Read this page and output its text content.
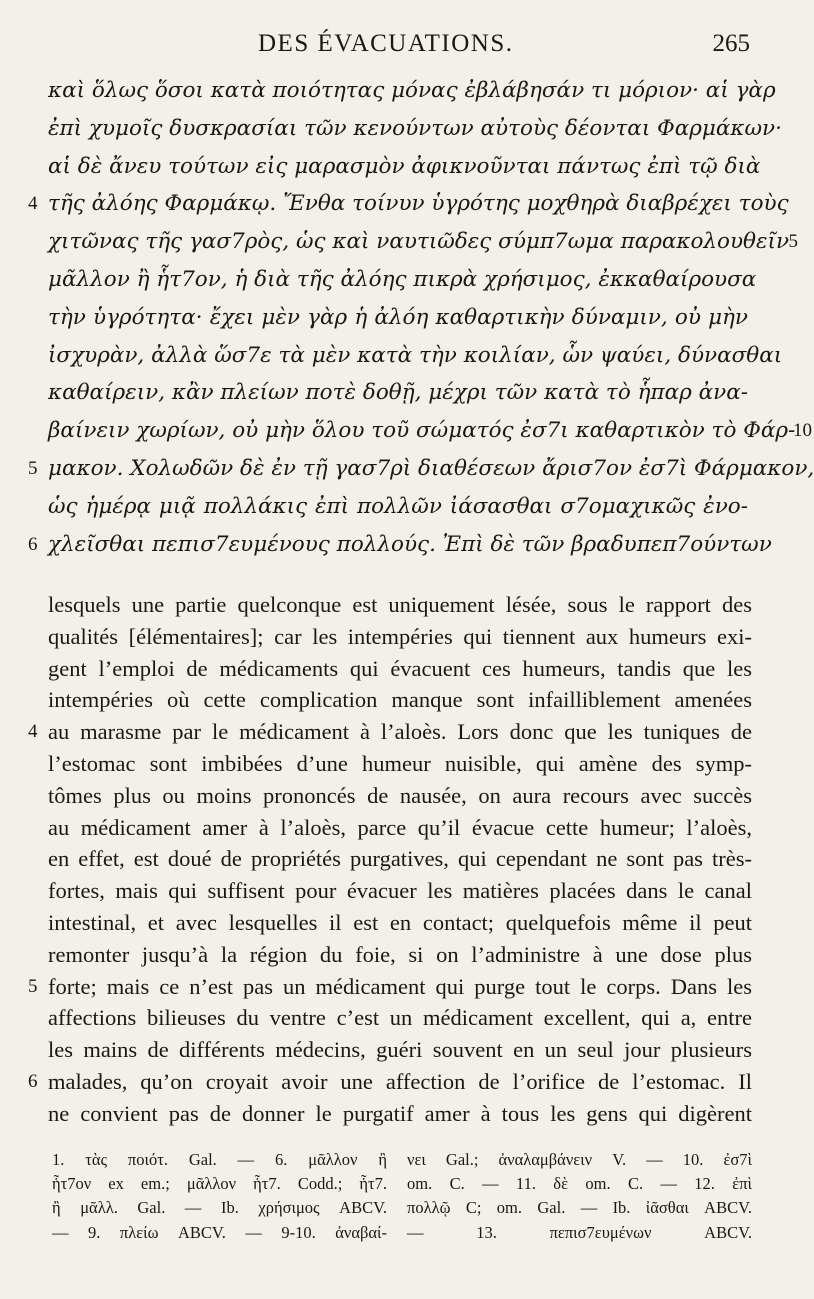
DES ÉVACUATIONS.	265
καὶ ὅλως ὅσοι κατὰ ποιότητας μόνας ἐβλάβησάν τι μόριον· αἱ γὰρ
ἐπὶ χυμοῖς δυσκρασίαι τῶν κενούντων αὐτοὺς δέονται Φαρμάκων·
αἱ δὲ ἄνευ τούτων εἰς μαρασμὸν ἀφικνοῦνται πάντως ἐπὶ τῷ διὰ
τῆς ἀλόης Φαρμάκῳ. Ἔνθα τοίνυν ὑγρότης μοχθηρὰ διαβρέχει τοὺς
4
χιτῶνας τῆς γασ7ρὸς, ὡς καὶ ναυτιῶδες σύμπ7ωμα παρακολουθεῖν 5
μᾶλλον ἢ ἧτ7ον, ἡ διὰ τῆς ἀλόης πικρὰ χρήσιμος, ἐκκαθαίρουσα
τὴν ὑγρότητα· ἔχει μὲν γὰρ ἡ ἀλόη καθαρτικὴν δύναμιν, οὐ μὴν
ἰσχυρὰν, ἀλλὰ ὥσ7ε τὰ μὲν κατὰ τὴν κοιλίαν, ὧν ψαύει, δύνασθαι
καθαίρειν, κἂν πλείων ποτὲ δοθῇ, μέχρι τῶν κατὰ τὸ ἧπαρ ἀνα-
βαίνειν χωρίων, οὐ μὴν ὅλου τοῦ σώματός ἐσ7ι καθαρτικὸν τὸ Φάρ-
10
μακον. Χολωδῶν δὲ ἐν τῇ γασ7ρὶ διαθέσεων ἄρισ7ον ἐσ7ὶ Φάρμακον,
5
ὡς ἡμέρᾳ μιᾷ πολλάκις ἐπὶ πολλῶν ἰάσασθαι σ7ομαχικῶς ἐνο-
χλεῖσθαι πεπισ7ευμένους πολλούς. Ἐπὶ δὲ τῶν βραδυπεπ7ούντων
6
lesquels une partie quelconque est uniquement lésée, sous le rapport des
qualités [élémentaires]; car les intempéries qui tiennent aux humeurs exi-
gent l’emploi de médicaments qui évacuent ces humeurs, tandis que les
intempéries où cette complication manque sont infailliblement amenées
au marasme par le médicament à l’aloès. Lors donc que les tuniques de
4
l’estomac sont imbibées d’une humeur nuisible, qui amène des symp-
tômes plus ou moins prononcés de nausée, on aura recours avec succès
au médicament amer à l’aloès, parce qu’il évacue cette humeur; l’aloès,
en effet, est doué de propriétés purgatives, qui cependant ne sont pas très-
fortes, mais qui suffisent pour évacuer les matières placées dans le canal
intestinal, et avec lesquelles il est en contact; quelquefois même il peut
remonter jusqu’à la région du foie, si on l’administre à une dose plus
forte; mais ce n’est pas un médicament qui purge tout le corps. Dans les
5
affections bilieuses du ventre c’est un médicament excellent, qui a, entre
les mains de différents médecins, guéri souvent en un seul jour plusieurs
malades, qu’on croyait avoir une affection de l’orifice de l’estomac. Il
6
ne convient pas de donner le purgatif amer à tous les gens qui digèrent
1. τὰς ποιότ. Gal. — 6. μᾶλλον ἢ
ἧτ7ον ex em.; μᾶλλον ἧτ7. Codd.; ἧτ7.
ἢ μᾶλλ. Gal. — Ib. χρήσιμος ABCV.
— 9. πλείω ABCV. — 9-10. ἀναβαί-
νει Gal.; ἀναλαμβάνειν V. — 10. ἐσ7ὶ
om. C. — 11. δὲ om. C. — 12. ἐπὶ
πολλῷ C; om. Gal. — Ib. ἰᾶσθαι ABCV.
— 13. πεπισ7ευμένων ABCV.
